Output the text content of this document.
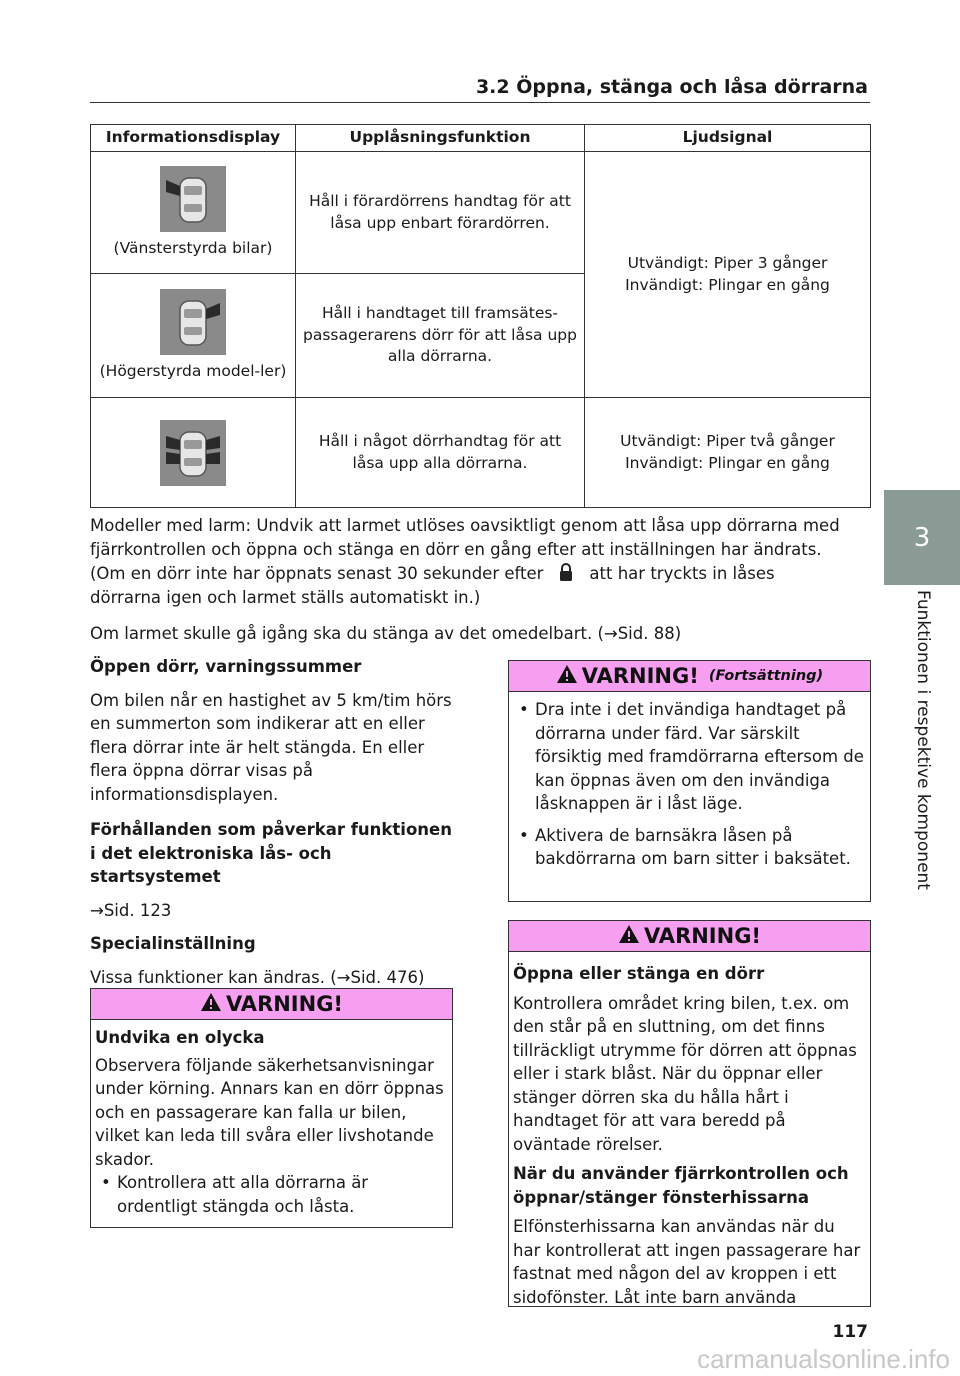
3.2 Öppna, stänga och låsa dörrarna
Informationsdisplay	Upplåsningsfunktion	Ljudsignal

(Vänsterstyrda bilar)	Håll i förardörrens handtag för att låsa upp enbart förardörren.	Utvändigt: Piper 3 gånger Invändigt: Plingar en gång

(Högerstyrda model-ler)	Håll i handtaget till framsätes-passagerarens dörr för att låsa upp alla dörrarna.	

	Håll i något dörrhandtag för att låsa upp alla dörrarna.	Utvändigt: Piper två gånger Invändigt: Plingar en gång
3
Funktionen i respektive komponent

Modeller med larm: Undvik att larmet utlöses oavsiktligt genom att låsa upp dörrarna med

fjärrkontrollen och öppna och stänga en dörr en gång efter att inställningen har ändrats.

(Om en dörr inte har öppnats senast 30 sekunder efter	att har tryckts in låses

dörrarna igen och larmet ställs automatiskt in.)

Om larmet skulle gå igång ska du stänga av det omedelbart. (→Sid. 88)

Öppen dörr, varningssummer

Om bilen når en hastighet av 5 km/tim hörs en summerton som indikerar att en eller flera dörrar inte är helt stängda. En eller flera öppna dörrar visas på informationsdisplayen.

Förhållanden som påverkar funktionen i det elektroniska lås- och startsystemet

→Sid. 123

Specialinställning

Vissa funktioner kan ändras. (→Sid. 476)

VARNING!

Undvika en olycka

Observera följande säkerhetsanvisningar under körning. Annars kan en dörr öppnas och en passagerare kan falla ur bilen, vilket kan leda till svåra eller livshotande skador.

• Kontrollera att alla dörrarna är ordentligt stängda och låsta.

VARNING! (Fortsättning)

• Dra inte i det invändiga handtaget på dörrarna under färd. Var särskilt försiktig med framdörrarna eftersom de kan öppnas även om den invändiga låsknappen är i låst läge.

• Aktivera de barnsäkra låsen på bakdörrarna om barn sitter i baksätet.

VARNING!

Öppna eller stänga en dörr

Kontrollera området kring bilen, t.ex. om den står på en sluttning, om det finns tillräckligt utrymme för dörren att öppnas eller i stark blåst. När du öppnar eller stänger dörren ska du hålla hårt i handtaget för att vara beredd på oväntade rörelser.

När du använder fjärrkontrollen och öppnar/stänger fönsterhissarna

Elfönsterhissarna kan användas när du har kontrollerat att ingen passagerare har fastnat med någon del av kroppen i ett sidofönster. Låt inte barn använda

117
carmanualsonline.info
